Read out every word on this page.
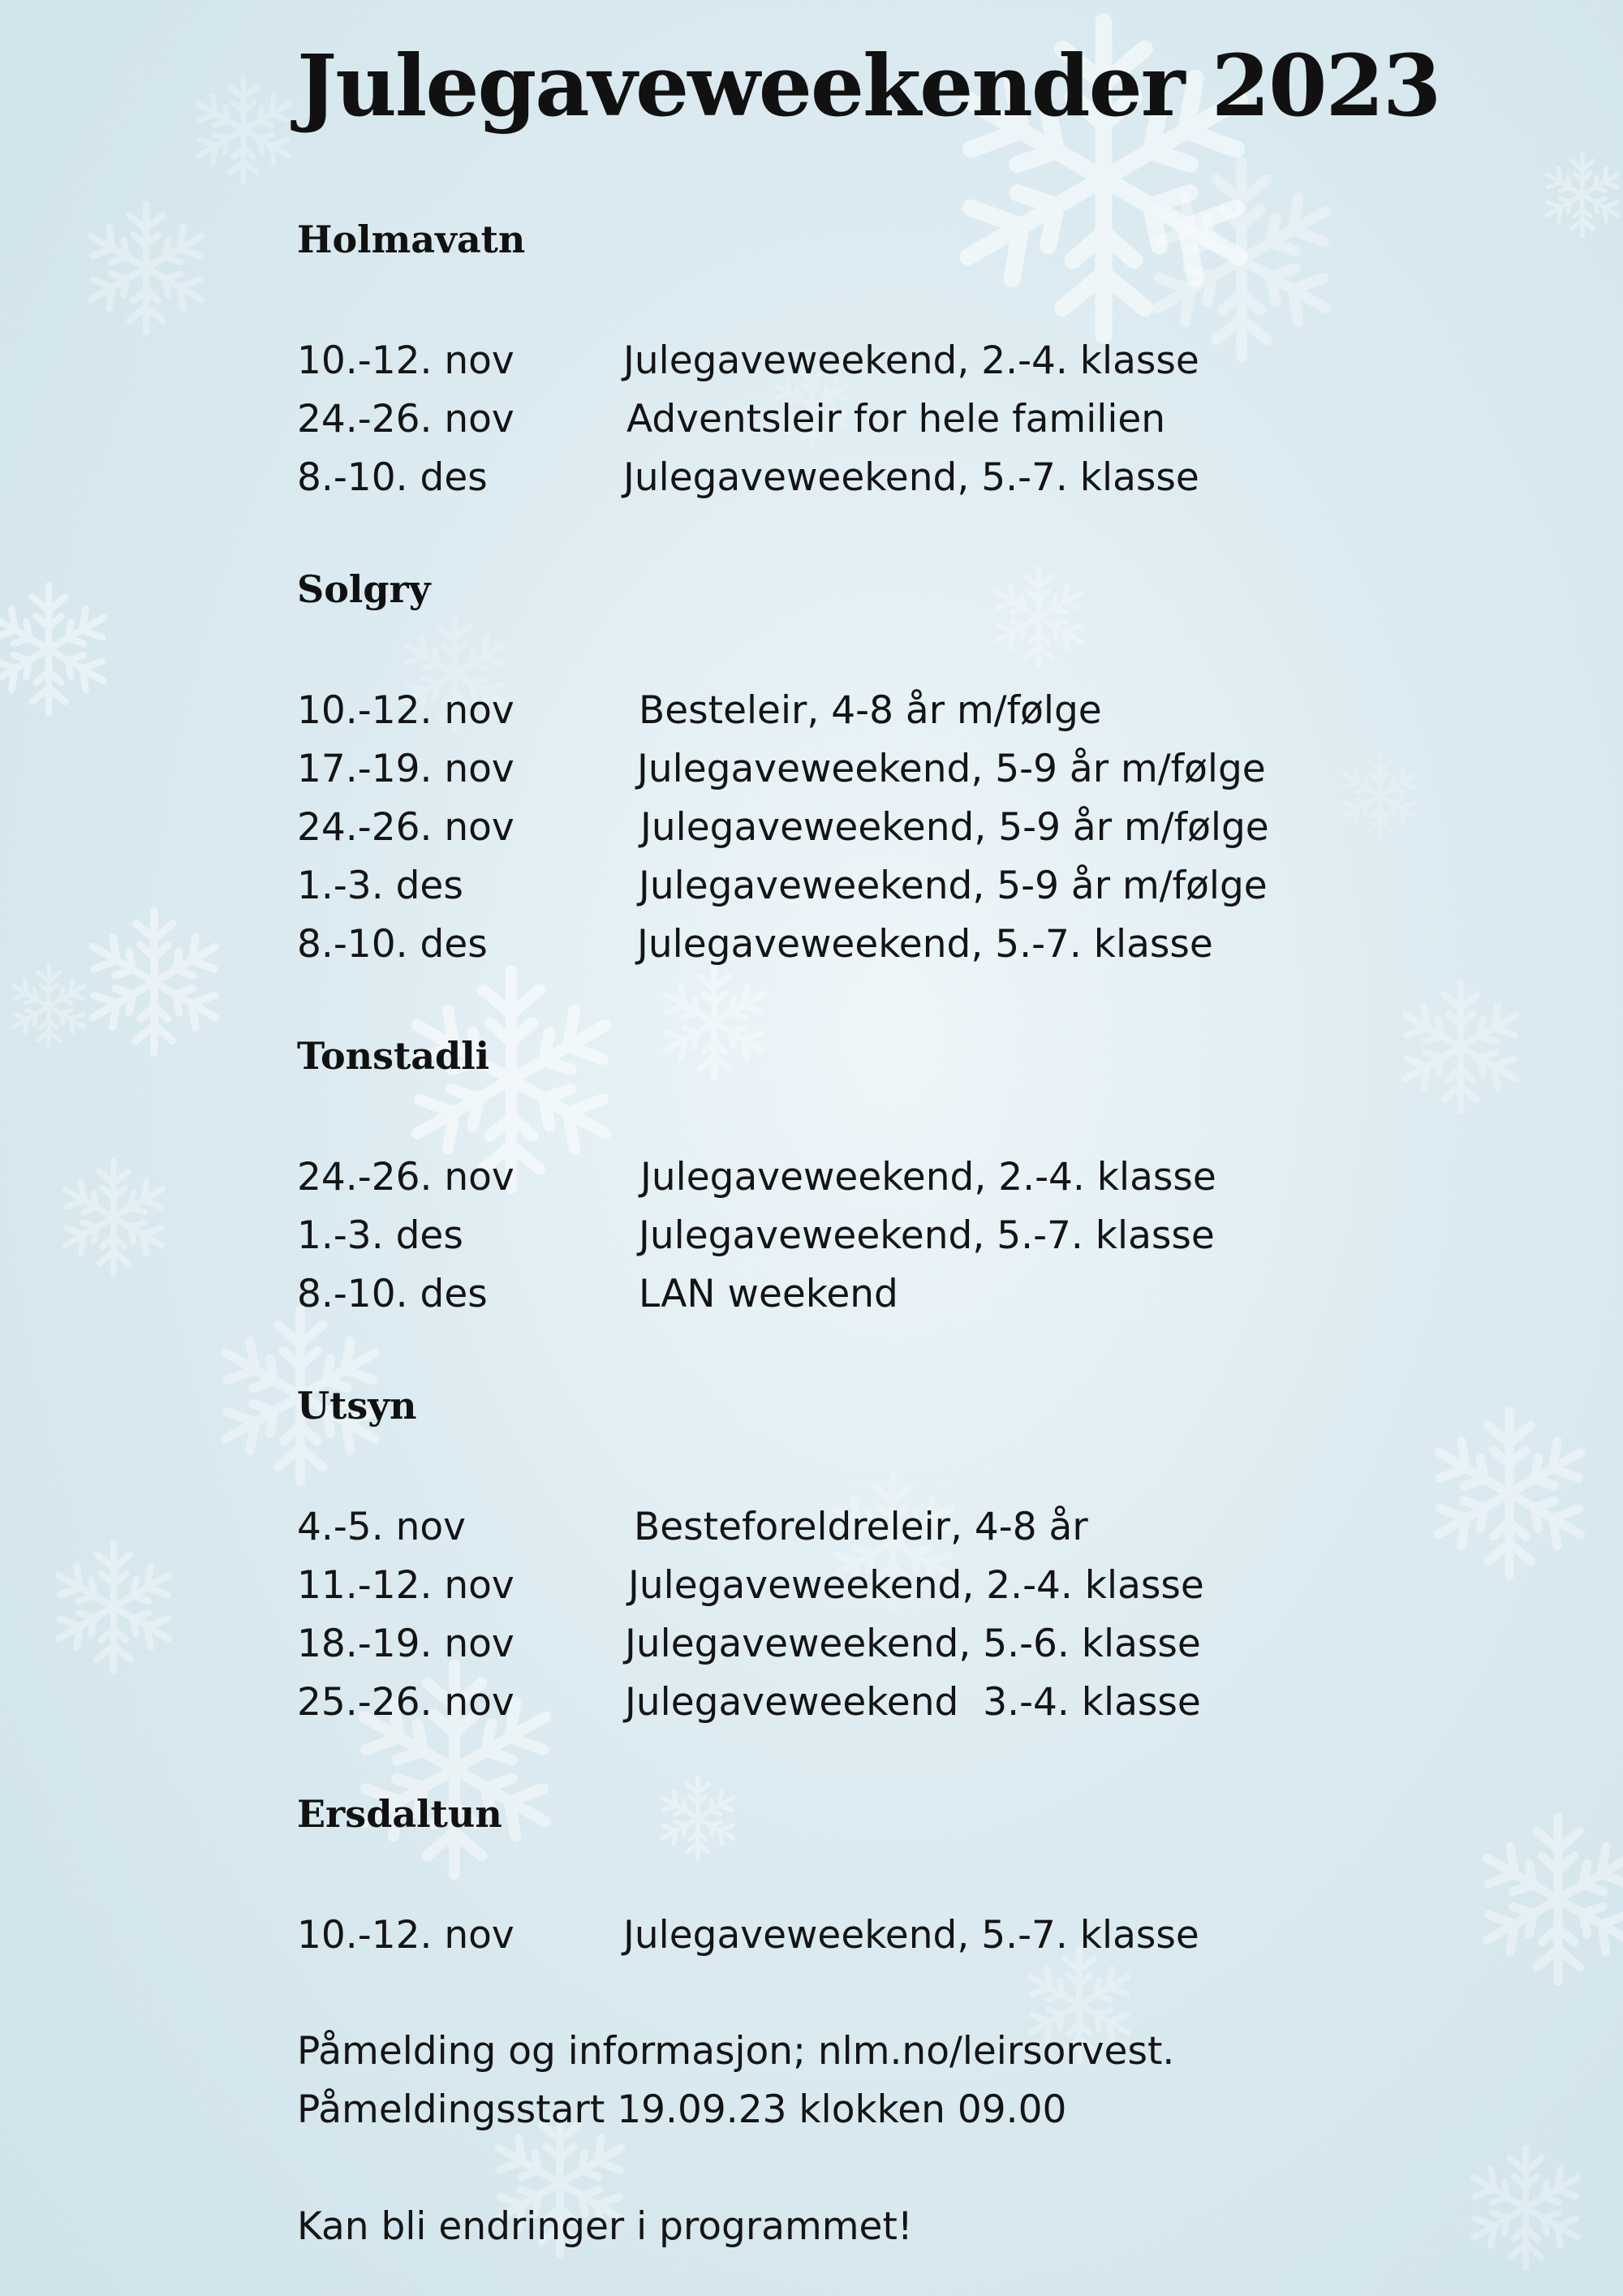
Julegaveweekender 2023
Holmavatn
10.-12. nov	Julegaveweekend, 2.-4. klasse
24.-26. nov	Adventsleir for hele familien
8.-10. des	Julegaveweekend, 5.-7. klasse
Solgry
10.-12. nov	Besteleir, 4-8 år m/følge
17.-19. nov	Julegaveweekend, 5-9 år m/følge
24.-26. nov	Julegaveweekend, 5-9 år m/følge
1.-3. des	Julegaveweekend, 5-9 år m/følge
8.-10. des	Julegaveweekend, 5.-7. klasse
Tonstadli
24.-26. nov	Julegaveweekend, 2.-4. klasse
1.-3. des	Julegaveweekend, 5.-7. klasse
8.-10. des	LAN weekend
Utsyn
4.-5. nov	Besteforeldreleir, 4-8 år
11.-12. nov	Julegaveweekend, 2.-4. klasse
18.-19. nov	Julegaveweekend, 5.-6. klasse
25.-26. nov	Julegaveweekend  3.-4. klasse
Ersdaltun
10.-12. nov	Julegaveweekend, 5.-7. klasse
Påmelding og informasjon; nlm.no/leirsorvest.
Påmeldingsstart 19.09.23 klokken 09.00
Kan bli endringer i programmet!
